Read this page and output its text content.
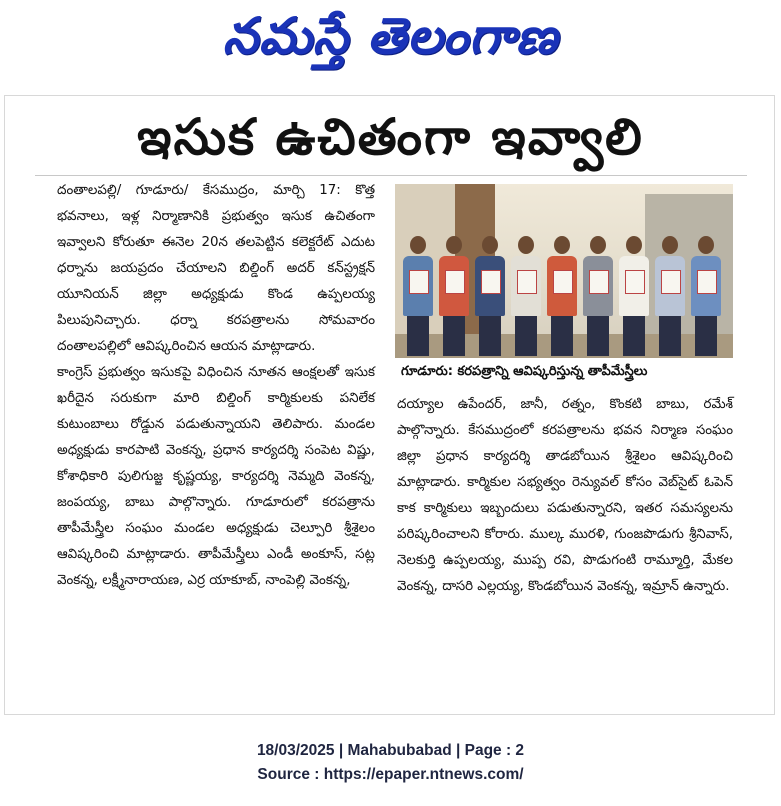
నమస్తే తెలంగాణ
ఇసుక ఉచితంగా ఇవ్వాలి

దంతాలపల్లి/ గూడూరు/ కేసముద్రం, మార్చి 17: కొత్త భవనాలు, ఇళ్ల నిర్మాణానికి ప్రభుత్వం ఇసుక ఉచితంగా ఇవ్వాలని కోరుతూ ఈనెల 20న తలపెట్టిన కలెక్టరేట్ ఎదుట ధర్నాను జయప్రదం చేయాలని బిల్డింగ్ అదర్ కన్‌స్ట్రక్షన్ యూనియన్ జిల్లా అధ్యక్షుడు కొండ ఉప్పలయ్య పిలుపునిచ్చారు. ధర్నా కరపత్రాలను సోమవారం దంతాలపల్లిలో ఆవిష్కరించిన ఆయన మాట్లాడారు.

కాంగ్రెస్ ప్రభుత్వం ఇసుకపై విధించిన నూతన ఆంక్షలతో ఇసుక ఖరీదైన సరుకుగా మారి బిల్డింగ్ కార్మికులకు పనిలేక కుటుంబాలు రోడ్డున పడుతున్నాయని తెలిపారు. మండల అధ్యక్షుడు కారపాటి వెంకన్న, ప్రధాన కార్యదర్శి సంపెట విష్ణు, కోశాధికారి పులిగుజ్జ కృష్ణయ్య, కార్యదర్శి నెమ్మది వెంకన్న, జంపయ్య, బాబు పాల్గొన్నారు. గూడూరులో కరపత్రాను తాపీమేస్త్రీల సంఘం మండల అధ్యక్షుడు చెల్పూరి శ్రీశైలం ఆవిష్కరించి మాట్లాడారు. తాపీమేస్త్రీలు ఎండీ అంకూస్, సట్ల వెంకన్న, లక్ష్మీనారాయణ, ఎర్ర యాకూబ్, నాంపెల్లి వెంకన్న,

గూడూరు: కరపత్రాన్ని ఆవిష్కరిస్తున్న తాపీమేస్త్రీలు

దయ్యాల ఉపేందర్, జానీ, రత్నం, కొంకటి బాబు, రమేశ్ పాల్గొన్నారు. కేసముద్రంలో కరపత్రాలను భవన నిర్మాణ సంఘం జిల్లా ప్రధాన కార్యదర్శి తాడబోయిన శ్రీశైలం ఆవిష్కరించి మాట్లాడారు. కార్మికుల సభ్యత్వం రెన్యువల్ కోసం వెబ్‌సైట్ ఓపెన్ కాక కార్మికులు ఇబ్బందులు పడుతున్నారని, ఇతర సమస్యలను పరిష్కరించాలని కోరారు. ముల్క మురళి, గుంజపొడుగు శ్రీనివాస్, నెలకుర్తి ఉప్పలయ్య, ముప్ప రవి, పొడుగంటి రామ్మూర్తి, మేకల వెంకన్న, దాసరి ఎల్లయ్య, కొండబోయిన వెంకన్న, ఇమ్రాన్ ఉన్నారు.

18/03/2025 | Mahabubabad | Page : 2
Source : https://epaper.ntnews.com/
